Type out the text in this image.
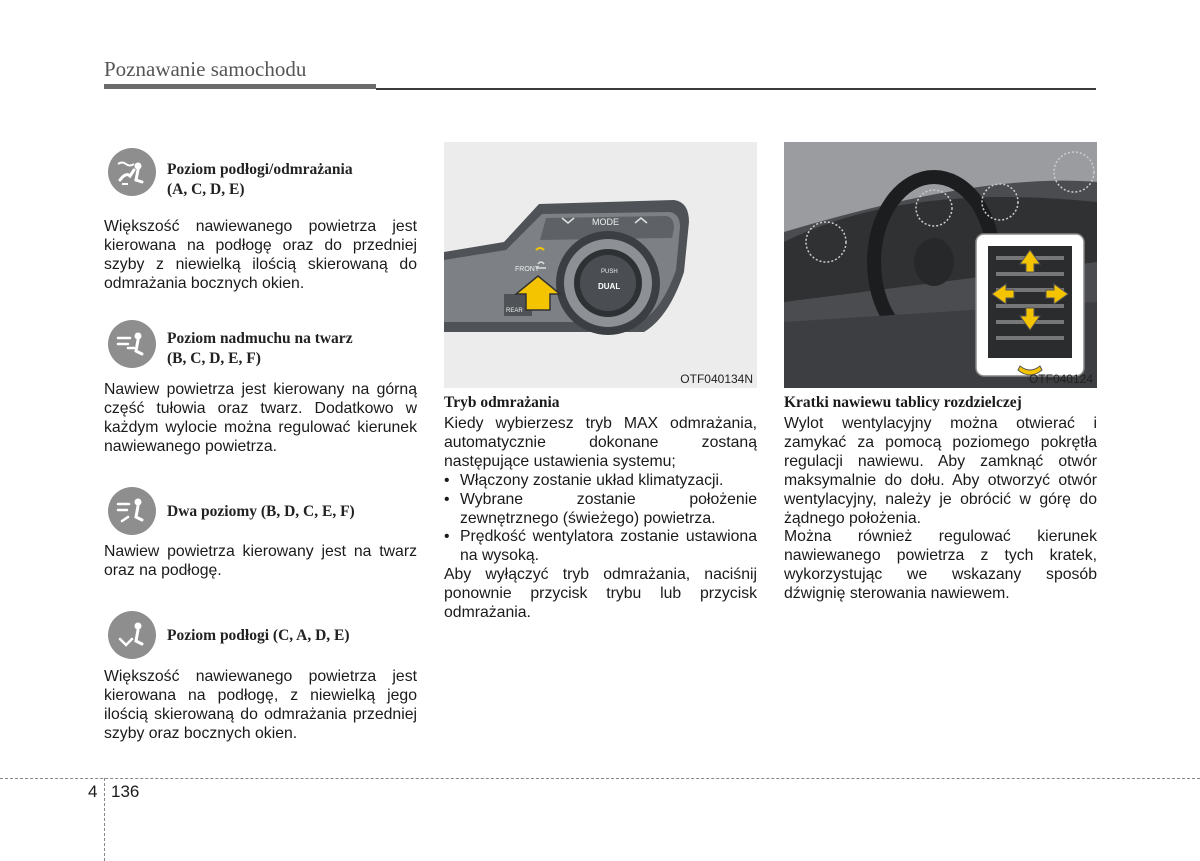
Poznawanie samochodu
Poziom podłogi/odmrażania
(A, C, D, E)

Większość nawiewanego powietrza jest kierowana na podłogę oraz do przedniej szyby z niewielką ilością skierowaną do odmrażania bocznych okien.

Poziom nadmuchu na twarz
(B, C, D, E, F)

Nawiew powietrza jest kierowany na górną część tułowia oraz twarz. Dodatkowo w każdym wylocie można regulować kierunek nawiewanego powietrza.

Dwa poziomy (B, D, C, E, F)

Nawiew powietrza kierowany jest na twarz oraz na podłogę.

Poziom podłogi (C, A, D, E)

Większość nawiewanego powietrza jest kierowana na podłogę, z niewielką jego ilością skierowaną do odmrażania przedniej szyby oraz bocznych okien.

MODE
FRONT
REAR
PUSH
DUAL
OTF040134N
Tryb odmrażania

Kiedy wybierzesz tryb MAX odmrażania, automatycznie dokonane zostaną następujące ustawienia systemu;

• Włączony zostanie układ klimatyzacji.
• Wybrane zostanie położenie zewnętrznego (świeżego) powietrza.
• Prędkość wentylatora zostanie ustawiona na wysoką.

Aby wyłączyć tryb odmrażania, naciśnij ponownie przycisk trybu lub przycisk odmrażania.

OTF040124
Kratki nawiewu tablicy rozdzielczej

Wylot wentylacyjny można otwierać i zamykać za pomocą poziomego pokrętła regulacji nawiewu. Aby zamknąć otwór maksymalnie do dołu. Aby otworzyć otwór wentylacyjny, należy je obrócić w górę do żądnego położenia.

Można również regulować kierunek nawiewanego powietrza z tych kratek, wykorzystując we wskazany sposób dźwignię sterowania nawiewem.

4 136
